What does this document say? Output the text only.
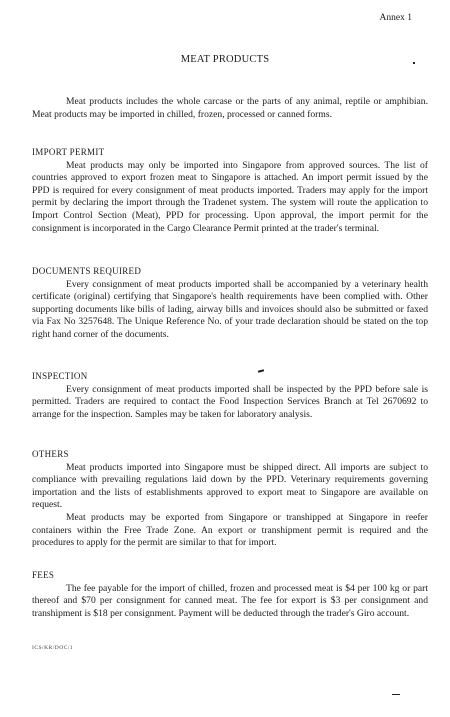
Annex 1
MEAT PRODUCTS

Meat products includes the whole carcase or the parts of any animal, reptile or amphibian. Meat products may be imported in chilled, frozen, processed or canned forms.

IMPORT PERMIT

Meat products may only be imported into Singapore from approved sources. The list of countries approved to export frozen meat to Singapore is attached. An import permit issued by the PPD is required for every consignment of meat products imported. Traders may apply for the import permit by declaring the import through the Tradenet system. The system will route the application to Import Control Section (Meat), PPD for processing. Upon approval, the import permit for the consignment is incorporated in the Cargo Clearance Permit printed at the trader's terminal.

DOCUMENTS REQUIRED

Every consignment of meat products imported shall be accompanied by a veterinary health certificate (original) certifying that Singapore's health requirements have been complied with. Other supporting documents like bills of lading, airway bills and invoices should also be submitted or faxed via Fax No 3257648. The Unique Reference No. of your trade declaration should be stated on the top right hand corner of the documents.

INSPECTION

Every consignment of meat products imported shall be inspected by the PPD before sale is permitted. Traders are required to contact the Food Inspection Services Branch at Tel 2670692 to arrange for the inspection. Samples may be taken for laboratory analysis.

OTHERS

Meat products imported into Singapore must be shipped direct. All imports are subject to compliance with prevailing regulations laid down by the PPD. Veterinary requirements governing importation and the lists of establishments approved to export meat to Singapore are available on request.

Meat products may be exported from Singapore or transhipped at Singapore in reefer containers within the Free Trade Zone. An export or transhipment permit is required and the procedures to apply for the permit are similar to that for import.

FEES

The fee payable for the import of chilled, frozen and processed meat is $4 per 100 kg or part thereof and $70 per consignment for canned meat. The fee for export is $3 per consignment and transhipment is $18 per consignment. Payment will be deducted through the trader's Giro account.

ICS/KR/DOC/1
